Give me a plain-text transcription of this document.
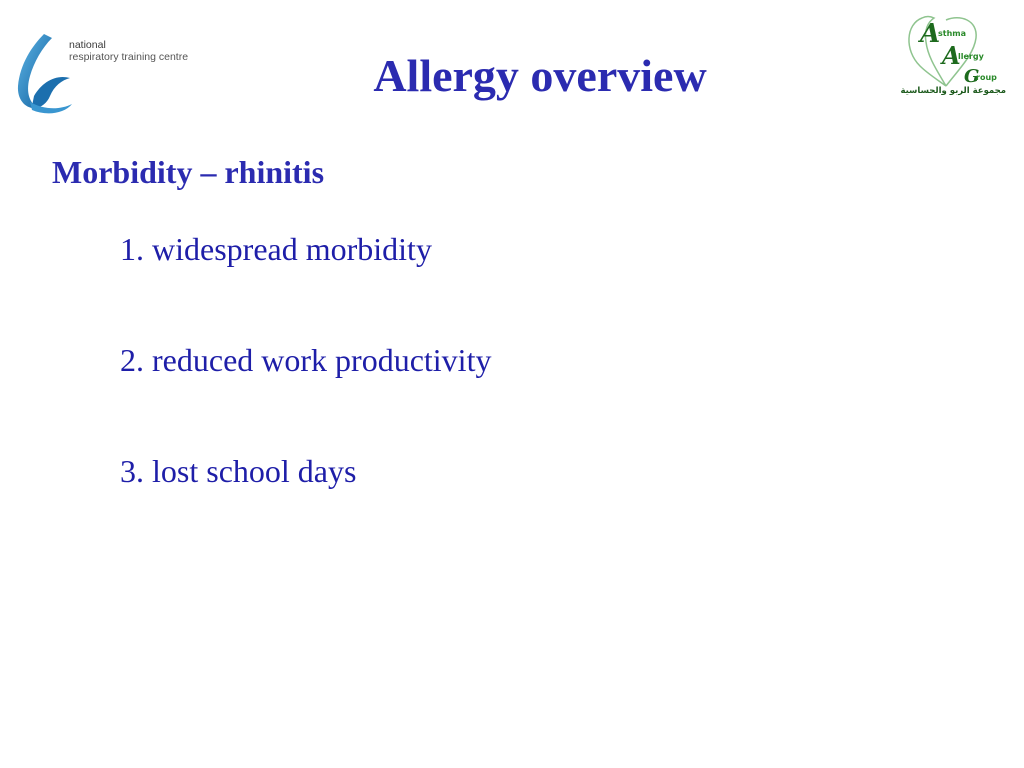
national
respiratory training centre
A
sthma
A
llergy
G
roup
مجموعة الربو والحساسية
Allergy overview
Morbidity – rhinitis
1. widespread morbidity
2. reduced work productivity
3. lost school days
